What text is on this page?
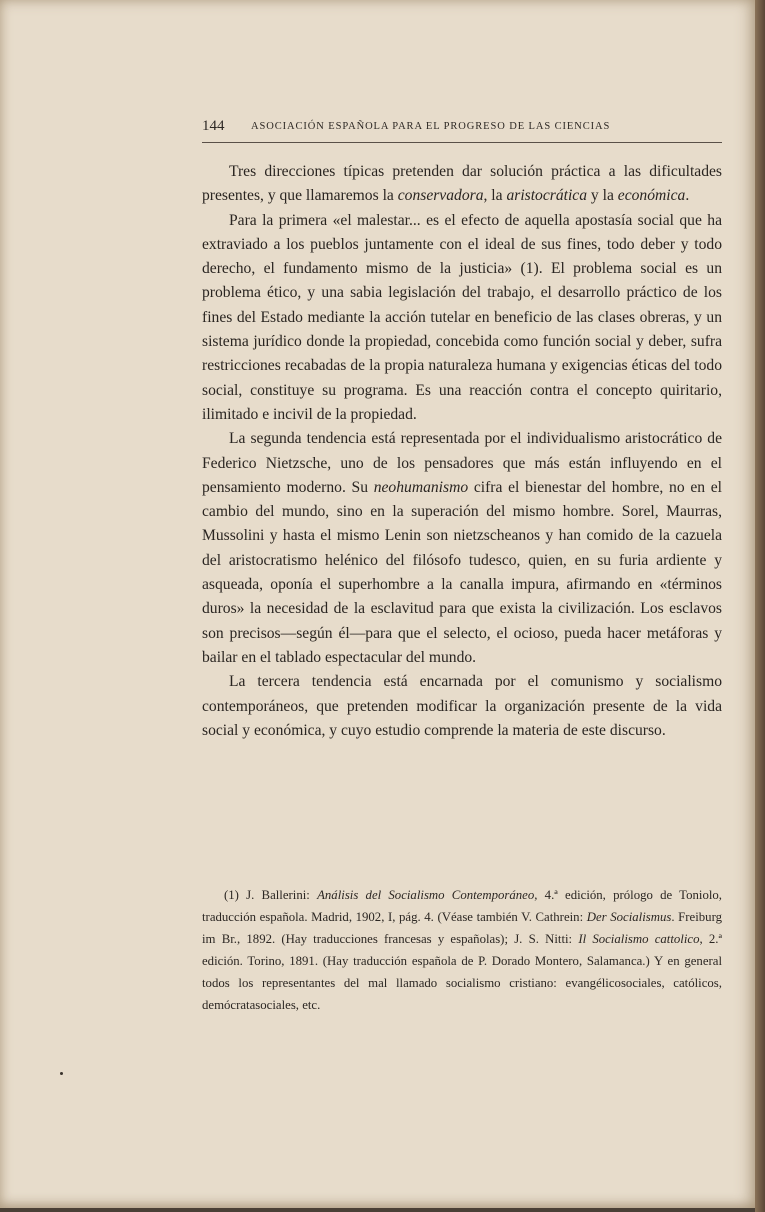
144	ASOCIACIÓN ESPAÑOLA PARA EL PROGRESO DE LAS CIENCIAS

Tres direcciones típicas pretenden dar solución práctica a las dificultades presentes, y que llamaremos la conservadora, la aristocrática y la económica.

Para la primera «el malestar... es el efecto de aquella apostasía social que ha extraviado a los pueblos juntamente con el ideal de sus fines, todo deber y todo derecho, el fundamento mismo de la justicia» (1). El problema social es un problema ético, y una sabia legislación del trabajo, el desarrollo práctico de los fines del Estado mediante la acción tutelar en beneficio de las clases obreras, y un sistema jurídico donde la propiedad, concebida como función social y deber, sufra restricciones recabadas de la propia naturaleza humana y exigencias éticas del todo social, constituye su programa. Es una reacción contra el concepto quiritario, ilimitado e incivil de la propiedad.

La segunda tendencia está representada por el individualismo aristocrático de Federico Nietzsche, uno de los pensadores que más están influyendo en el pensamiento moderno. Su neohumanismo cifra el bienestar del hombre, no en el cambio del mundo, sino en la superación del mismo hombre. Sorel, Maurras, Mussolini y hasta el mismo Lenin son nietzscheanos y han comido de la cazuela del aristocratismo helénico del filósofo tudesco, quien, en su furia ardiente y asqueada, oponía el superhombre a la canalla impura, afirmando en «términos duros» la necesidad de la esclavitud para que exista la civilización. Los esclavos son precisos—según él—para que el selecto, el ocioso, pueda hacer metáforas y bailar en el tablado espectacular del mundo.

La tercera tendencia está encarnada por el comunismo y socialismo contemporáneos, que pretenden modificar la organización presente de la vida social y económica, y cuyo estudio comprende la materia de este discurso.

(1) J. Ballerini: Análisis del Socialismo Contemporáneo, 4.ª edición, prólogo de Toniolo, traducción española. Madrid, 1902, I, pág. 4. (Véase también V. Cathrein: Der Socialismus. Freiburg im Br., 1892. (Hay traducciones francesas y españolas); J. S. Nitti: Il Socialismo cattolico, 2.ª edición. Torino, 1891. (Hay traducción española de P. Dorado Montero, Salamanca.) Y en general todos los representantes del mal llamado socialismo cristiano: evangélicosociales, católicos, demócratasociales, etc.
